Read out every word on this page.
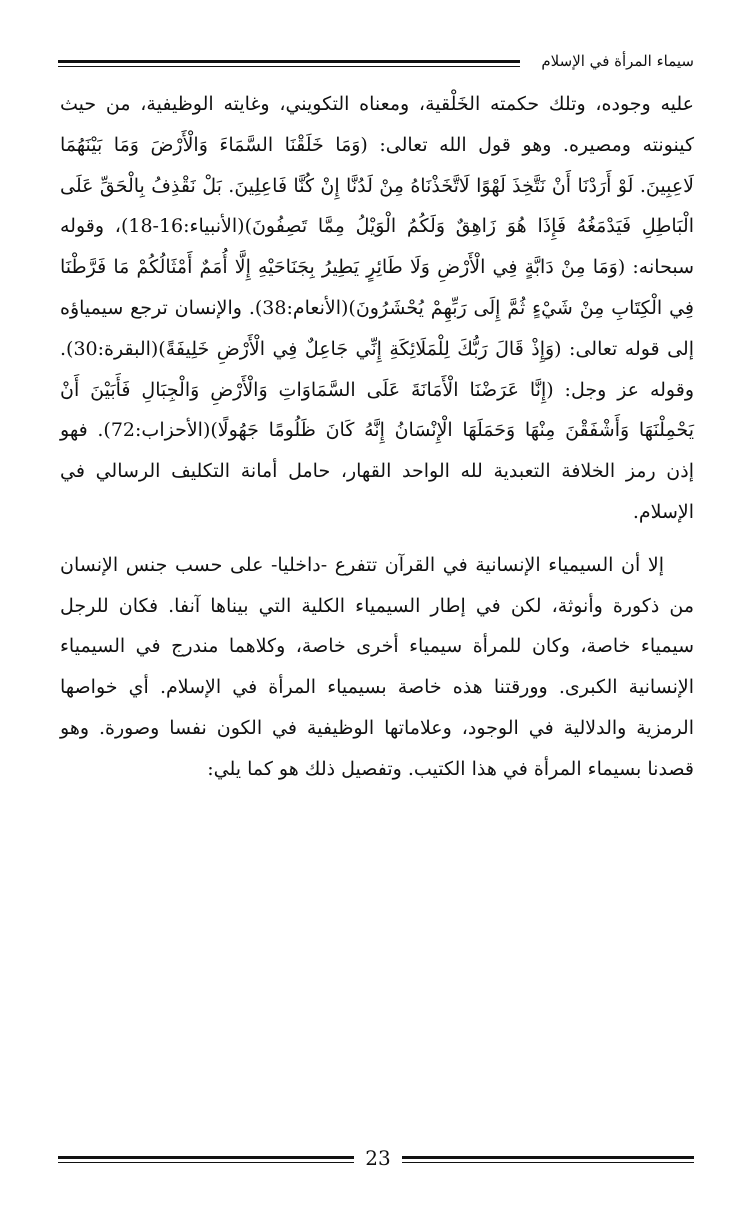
سيماء المرأة في الإسلام

عليه وجوده، وتلك حكمته الخَلْقية، ومعناه التكويني، وغايته الوظيفية، من حيث كينونته ومصيره. وهو قول الله تعالى: (وَمَا خَلَقْنَا السَّمَاءَ وَالْأَرْضَ وَمَا بَيْنَهُمَا لَاعِبِينَ. لَوْ أَرَدْنَا أَنْ نَتَّخِذَ لَهْوًا لَاتَّخَذْنَاهُ مِنْ لَدُنَّا إِنْ كُنَّا فَاعِلِينَ. بَلْ نَقْذِفُ بِالْحَقِّ عَلَى الْبَاطِلِ فَيَدْمَغُهُ فَإِذَا هُوَ زَاهِقٌ وَلَكُمُ الْوَيْلُ مِمَّا تَصِفُونَ)(الأنبياء:16-18)، وقوله سبحانه: (وَمَا مِنْ دَابَّةٍ فِي الْأَرْضِ وَلَا طَائِرٍ يَطِيرُ بِجَنَاحَيْهِ إِلَّا أُمَمٌ أَمْثَالُكُمْ مَا فَرَّطْنَا فِي الْكِتَابِ مِنْ شَيْءٍ ثُمَّ إِلَى رَبِّهِمْ يُحْشَرُونَ)(الأنعام:38). والإنسان ترجع سيمياؤه إلى قوله تعالى: (وَإِذْ قَالَ رَبُّكَ لِلْمَلَائِكَةِ إِنِّي جَاعِلٌ فِي الْأَرْضِ خَلِيفَةً)(البقرة:30). وقوله عز وجل: (إِنَّا عَرَضْنَا الْأَمَانَةَ عَلَى السَّمَاوَاتِ وَالْأَرْضِ وَالْجِبَالِ فَأَبَيْنَ أَنْ يَحْمِلْنَهَا وَأَشْفَقْنَ مِنْهَا وَحَمَلَهَا الْإِنْسَانُ إِنَّهُ كَانَ ظَلُومًا جَهُولًا)(الأحزاب:72). فهو إذن رمز الخلافة التعبدية لله الواحد القهار، حامل أمانة التكليف الرسالي في الإسلام.

إلا أن السيمياء الإنسانية في القرآن تتفرع -داخليا- على حسب جنس الإنسان من ذكورة وأنوثة، لكن في إطار السيمياء الكلية التي بيناها آنفا. فكان للرجل سيمياء خاصة، وكان للمرأة سيمياء أخرى خاصة، وكلاهما مندرج في السيمياء الإنسانية الكبرى. وورقتنا هذه خاصة بسيمياء المرأة في الإسلام. أي خواصها الرمزية والدلالية في الوجود، وعلاماتها الوظيفية في الكون نفسا وصورة. وهو قصدنا بسيماء المرأة في هذا الكتيب. وتفصيل ذلك هو كما يلي:

23
